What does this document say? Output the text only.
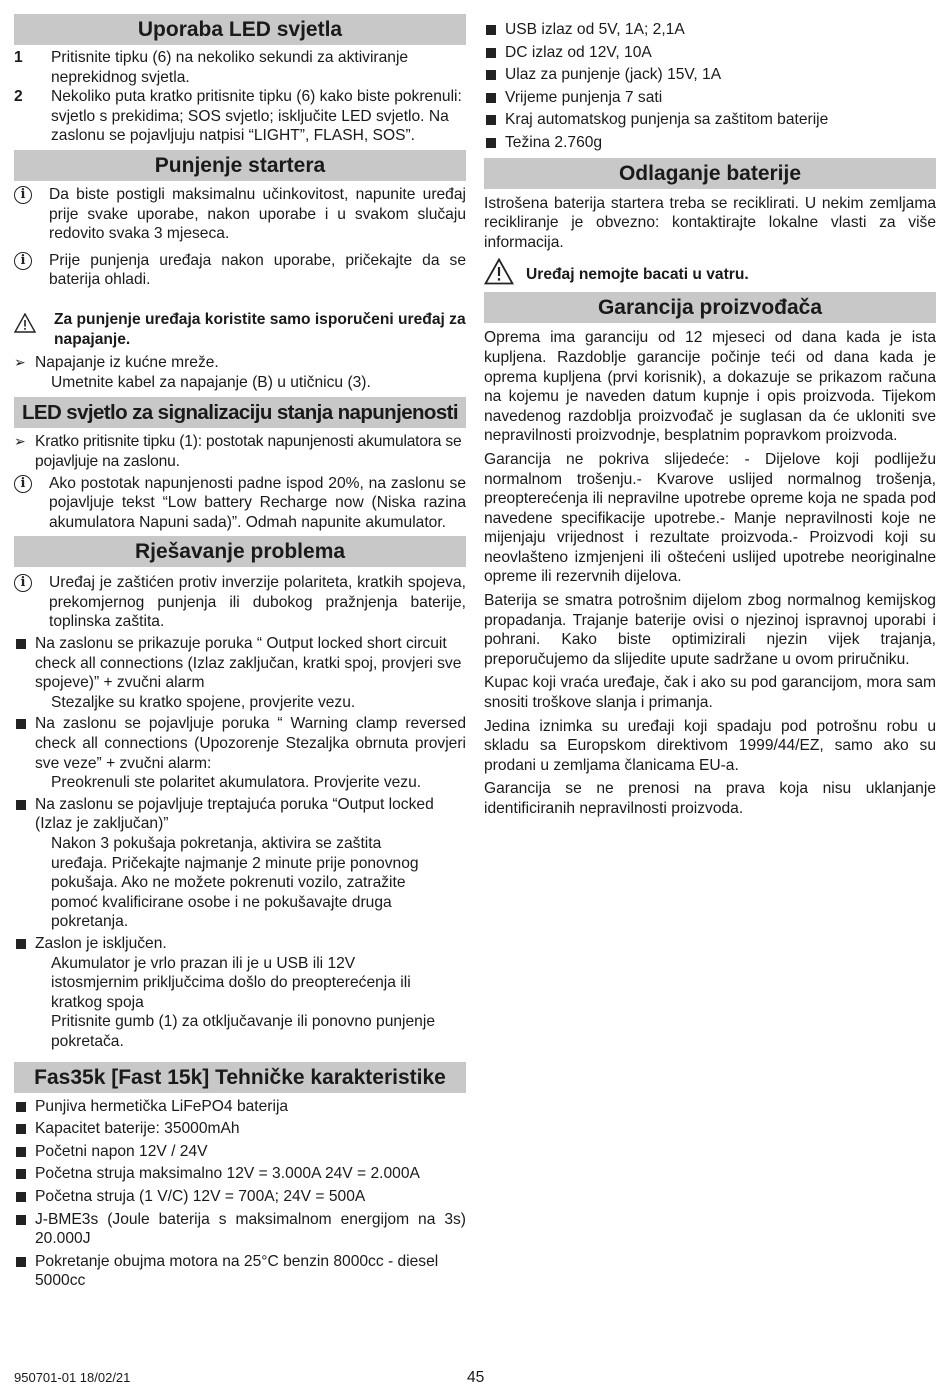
Uporaba LED svjetla
1	Pritisnite tipku (6) na nekoliko sekundi za aktiviranje neprekidnog svjetla.
2	Nekoliko puta kratko pritisnite tipku (6) kako biste pokrenuli: svjetlo s prekidima; SOS svjetlo; isključite LED svjetlo. Na zaslonu se pojavljuju natpisi “LIGHT”, FLASH, SOS”.
Punjenje startera
i	Da biste postigli maksimalnu učinkovitost, napunite uređaj prije svake uporabe, nakon uporabe i u svakom slučaju redovito svaka 3 mjeseca.
i	Prije punjenja uređaja nakon uporabe, pričekajte da se baterija ohladi.
Za punjenje uređaja koristite samo isporučeni uređaj za napajanje.
➢ Napajanje iz kućne mreže.
Umetnite kabel za napajanje (B) u utičnicu (3).
LED svjetlo za signalizaciju stanja napunjenosti
➢ Kratko pritisnite tipku (1): postotak napunjenosti akumulatora se pojavljuje na zaslonu.
i	Ako postotak napunjenosti padne ispod 20%, na zaslonu se pojavljuje tekst “Low battery Recharge now (Niska razina akumulatora Napuni sada)”. Odmah napunite akumulator.
Rješavanje problema
i	Uređaj je zaštićen protiv inverzije polariteta, kratkih spojeva, prekomjernog punjenja ili dubokog pražnjenja baterije, toplinska zaštita.
Na zaslonu se prikazuje poruka “ Output locked short circuit check all connections (Izlaz zaključan, kratki spoj, provjeri sve spojeve)” + zvučni alarm
Stezaljke su kratko spojene, provjerite vezu.
Na zaslonu se pojavljuje poruka “ Warning clamp reversed check all connections (Upozorenje Stezaljka obrnuta provjeri sve veze” + zvučni alarm:
Preokrenuli ste polaritet akumulatora. Provjerite vezu.
Na zaslonu se pojavljuje treptajuća poruka “Output locked (Izlaz je zaključan)”
Nakon 3 pokušaja pokretanja, aktivira se zaštita uređaja. Pričekajte najmanje 2 minute prije ponovnog pokušaja. Ako ne možete pokrenuti vozilo, zatražite pomoć kvalificirane osobe i ne pokušavajte druga pokretanja.
Zaslon je isključen.
Akumulator je vrlo prazan ili je u USB ili 12V istosmjernim priključcima došlo do preopterećenja ili kratkog spoja
Pritisnite gumb (1) za otključavanje ili ponovno punjenje pokretača.
Fas35k [Fast 15k] Tehničke karakteristike
Punjiva hermetička LiFePO4 baterija
Kapacitet baterije: 35000mAh
Početni napon 12V / 24V
Početna struja maksimalno 12V = 3.000A 24V = 2.000A
Početna struja (1 V/C) 12V = 700A; 24V = 500A
J-BME3s (Joule baterija s maksimalnom energijom na 3s) 20.000J
Pokretanje obujma motora na 25°C benzin 8000cc - diesel 5000cc
USB izlaz od 5V, 1A; 2,1A
DC izlaz od 12V, 10A
Ulaz za punjenje (jack) 15V, 1A
Vrijeme punjenja 7 sati
Kraj automatskog punjenja sa zaštitom baterije
Težina 2.760g
Odlaganje baterije
Istrošena baterija startera treba se reciklirati. U nekim zemljama recikliranje je obvezno: kontaktirajte lokalne vlasti za više informacija.
Uređaj nemojte bacati u vatru.
Garancija proizvođača
Oprema ima garanciju od 12 mjeseci od dana kada je ista kupljena. Razdoblje garancije počinje teći od dana kada je oprema kupljena (prvi korisnik), a dokazuje se prikazom računa na kojemu je naveden datum kupnje i opis proizvoda. Tijekom navedenog razdoblja proizvođač je suglasan da će ukloniti sve nepravilnosti proizvodnje, besplatnim popravkom proizvoda.
Garancija ne pokriva slijedeće: - Dijelove koji podliježu normalnom trošenju.- Kvarove uslijed normalnog trošenja, preopterećenja ili nepravilne upotrebe opreme koja ne spada pod navedene specifikacije upotrebe.- Manje nepravilnosti koje ne mijenjaju vrijednost i rezultate proizvoda.- Proizvodi koji su neovlašteno izmjenjeni ili oštećeni uslijed upotrebe neoriginalne opreme ili rezervnih dijelova.
Baterija se smatra potrošnim dijelom zbog normalnog kemijskog propadanja. Trajanje baterije ovisi o njezinoj ispravnoj uporabi i pohrani. Kako biste optimizirali njezin vijek trajanja, preporučujemo da slijedite upute sadržane u ovom priručniku.
Kupac koji vraća uređaje, čak i ako su pod garancijom, mora sam snositi troškove slanja i primanja.
Jedina iznimka su uređaji koji spadaju pod potrošnu robu u skladu sa Europskom direktivom 1999/44/EZ, samo ako su prodani u zemljama članicama EU-a.
Garancija se ne prenosi na prava koja nisu uklanjanje identificiranih nepravilnosti proizvoda.
950701-01 18/02/21	45
